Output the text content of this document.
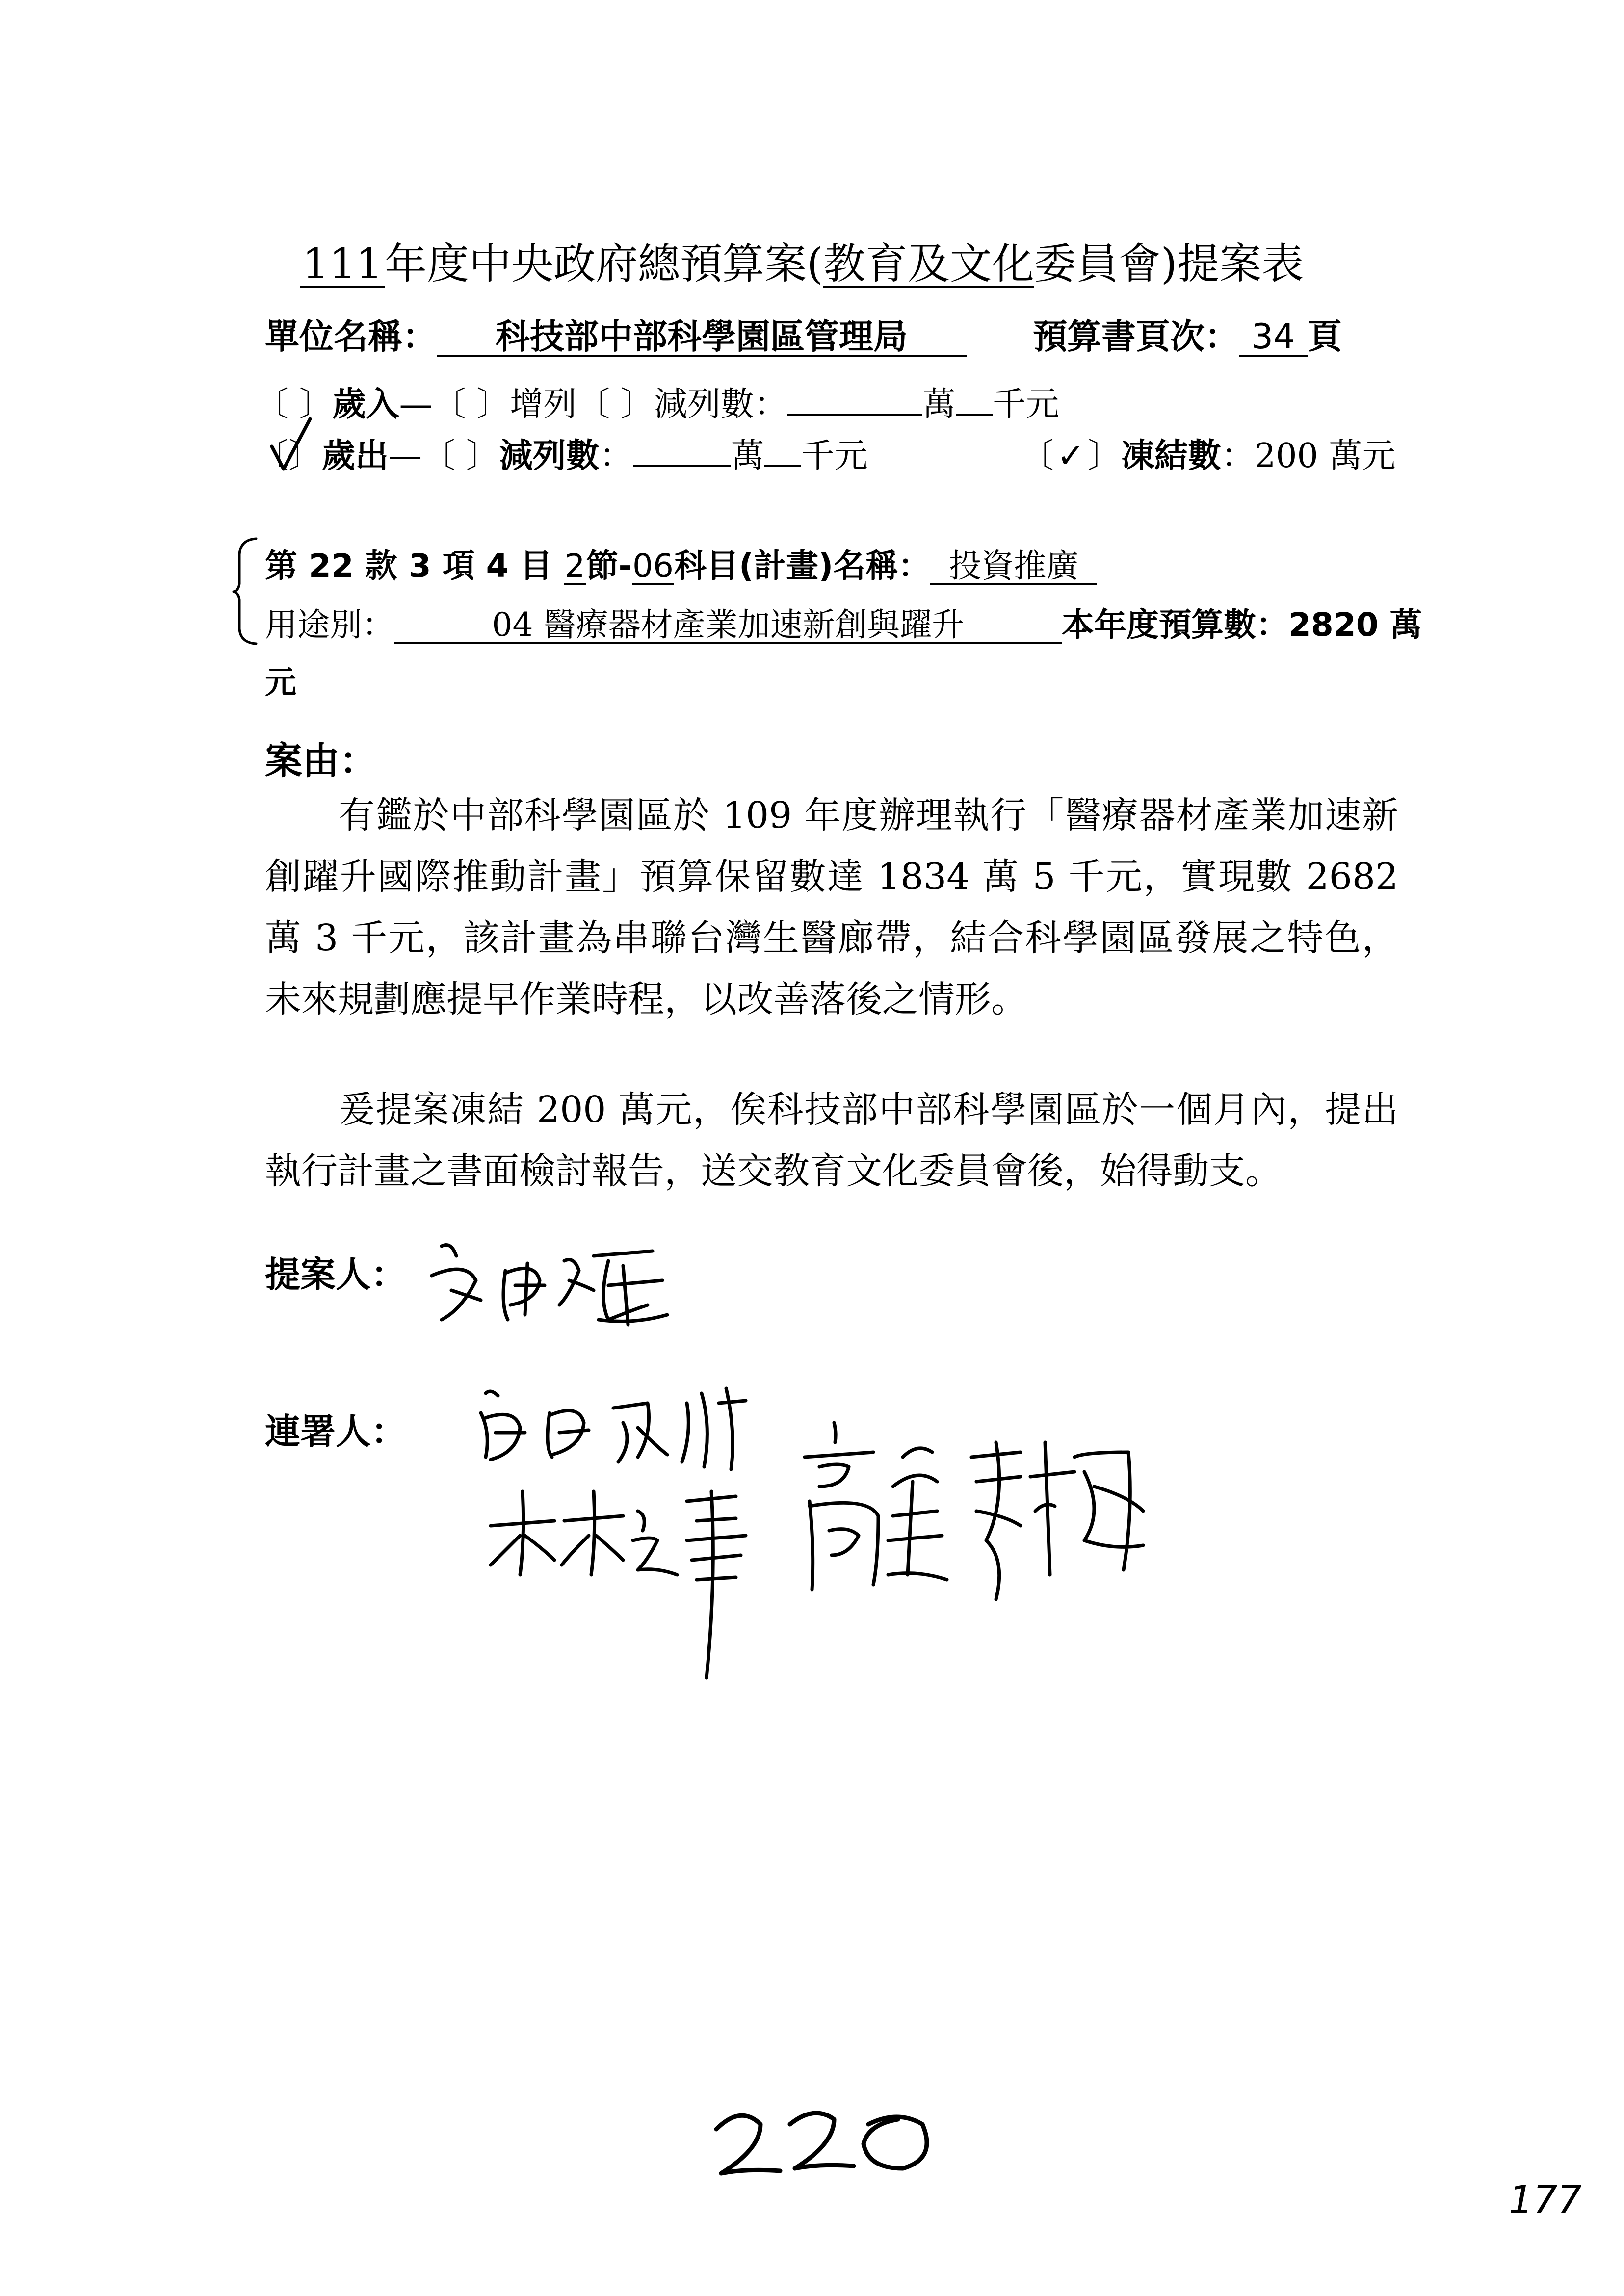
111年度中央政府總預算案(教育及文化委員會)提案表
單位名稱： 科技部中部科學園區管理局	預算書頁次： 34 頁
〔 〕歲入—〔 〕增列〔 〕減列數：	萬 千元
〔〕歲出—〔 〕減列數：	萬 千元	〔✓〕凍結數：200 萬元
第 22 款 3 項 4 目 2節-06科目(計畫)名稱： 投資推廣
用途別：	04 醫療器材產業加速新創與躍升	本年度預算數：2820 萬
元
案由：

有鑑於中部科學園區於 109 年度辦理執行「醫療器材產業加速新創躍升國際推動計畫」預算保留數達 1834 萬 5 千元，實現數 2682 萬 3 千元，該計畫為串聯台灣生醫廊帶，結合科學園區發展之特色，未來規劃應提早作業時程，以改善落後之情形。

爰提案凍結 200 萬元，俟科技部中部科學園區於一個月內，提出執行計畫之書面檢討報告，送交教育文化委員會後，始得動支。

提案人：
連署人：
177
